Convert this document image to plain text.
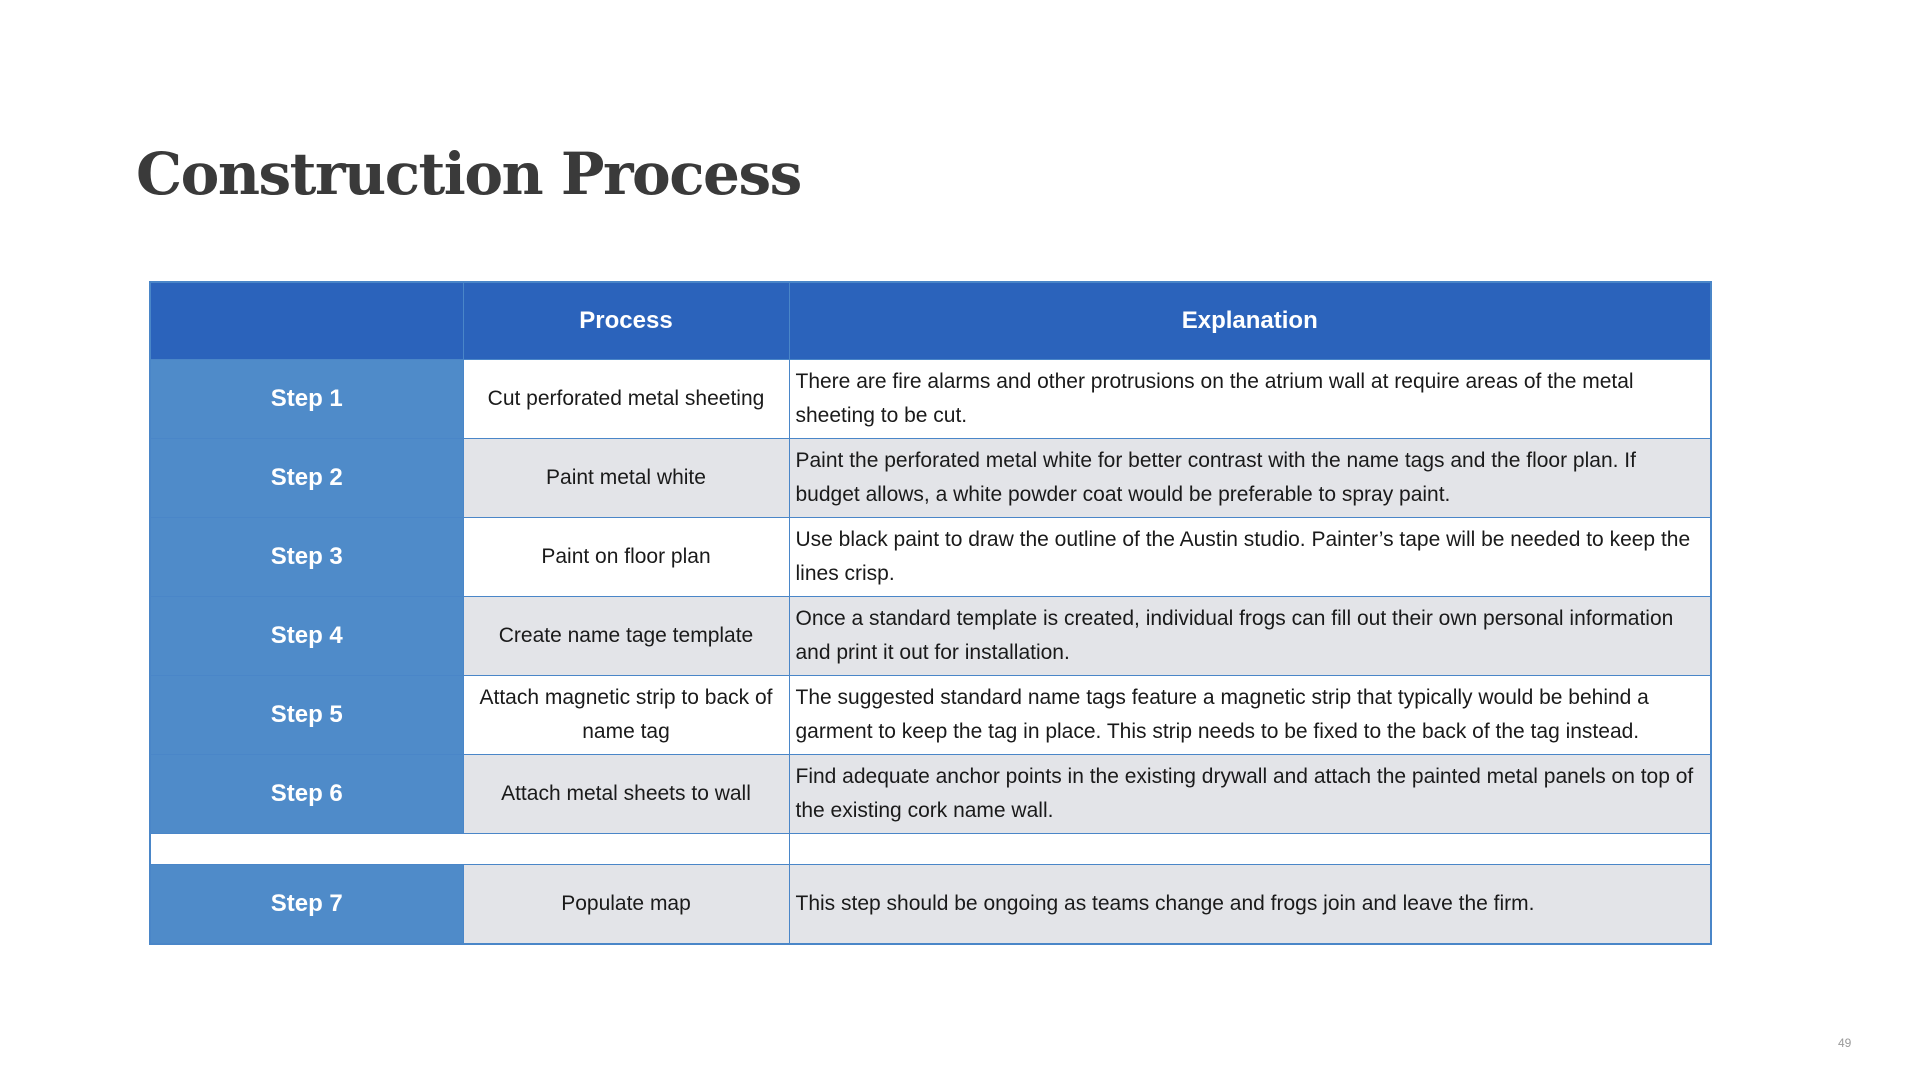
Construction Process
	Process	Explanation
Step 1	Cut perforated metal sheeting	There are fire alarms and other protrusions on the atrium wall at require areas of the metal sheeting to be cut.
Step 2	Paint metal white	Paint the perforated metal white for better contrast with the name tags and the floor plan. If budget allows, a white powder coat would be preferable to spray paint.
Step 3	Paint on floor plan	Use black paint to draw the outline of the Austin studio. Painter’s tape will be needed to keep the lines crisp.
Step 4	Create name tage template	Once a standard template is created, individual frogs can fill out their own personal information and print it out for installation.
Step 5	Attach magnetic strip to back of name tag	The suggested standard name tags feature a magnetic strip that typically would be behind a garment to keep the tag in place. This strip needs to be fixed to the back of the tag instead.
Step 6	Attach metal sheets to wall	Find adequate anchor points in the existing drywall and attach the painted metal panels on top of the existing cork name wall.

Step 7	Populate map	This step should be ongoing as teams change and frogs join and leave the firm.
49
